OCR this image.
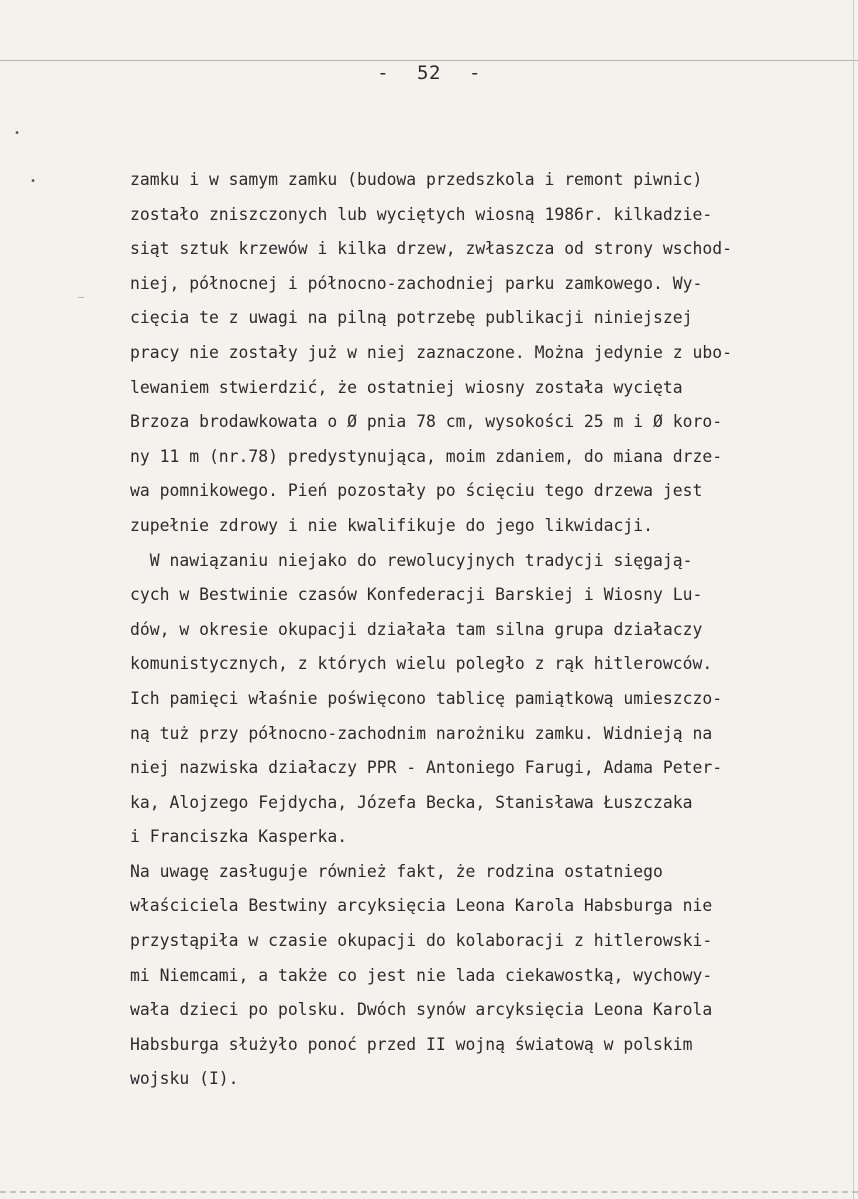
- 52 -
•
•
—
zamku i w samym zamku (budowa przedszkola i remont piwnic)
zostało zniszczonych lub wyciętych wiosną 1986r. kilkadzie-
siąt sztuk krzewów i kilka drzew, zwłaszcza od strony wschod-
niej, północnej i północno-zachodniej parku zamkowego. Wy-
cięcia te z uwagi na pilną potrzebę publikacji niniejszej
pracy nie zostały już w niej zaznaczone. Można jedynie z ubo-
lewaniem stwierdzić, że ostatniej wiosny została wycięta
Brzoza brodawkowata o Ø pnia 78 cm, wysokości 25 m i Ø koro-
ny 11 m (nr.78) predystynująca, moim zdaniem, do miana drze-
wa pomnikowego. Pień pozostały po ścięciu tego drzewa jest
zupełnie zdrowy i nie kwalifikuje do jego likwidacji.
W nawiązaniu niejako do rewolucyjnych tradycji sięgają-
cych w Bestwinie czasów Konfederacji Barskiej i Wiosny Lu-
dów, w okresie okupacji działała tam silna grupa działaczy
komunistycznych, z których wielu poległo z rąk hitlerowców.
Ich pamięci właśnie poświęcono tablicę pamiątkową umieszczo-
ną tuż przy północno-zachodnim narożniku zamku. Widnieją na
niej nazwiska działaczy PPR - Antoniego Farugi, Adama Peter-
ka, Alojzego Fejdycha, Józefa Becka, Stanisława Łuszczaka
i Franciszka Kasperka.
Na uwagę zasługuje również fakt, że rodzina ostatniego
właściciela Bestwiny arcyksięcia Leona Karola Habsburga nie
przystąpiła w czasie okupacji do kolaboracji z hitlerowski-
mi Niemcami, a także co jest nie lada ciekawostką, wychowy-
wała dzieci po polsku. Dwóch synów arcyksięcia Leona Karola
Habsburga służyło ponoć przed II wojną światową w polskim
wojsku (I).
